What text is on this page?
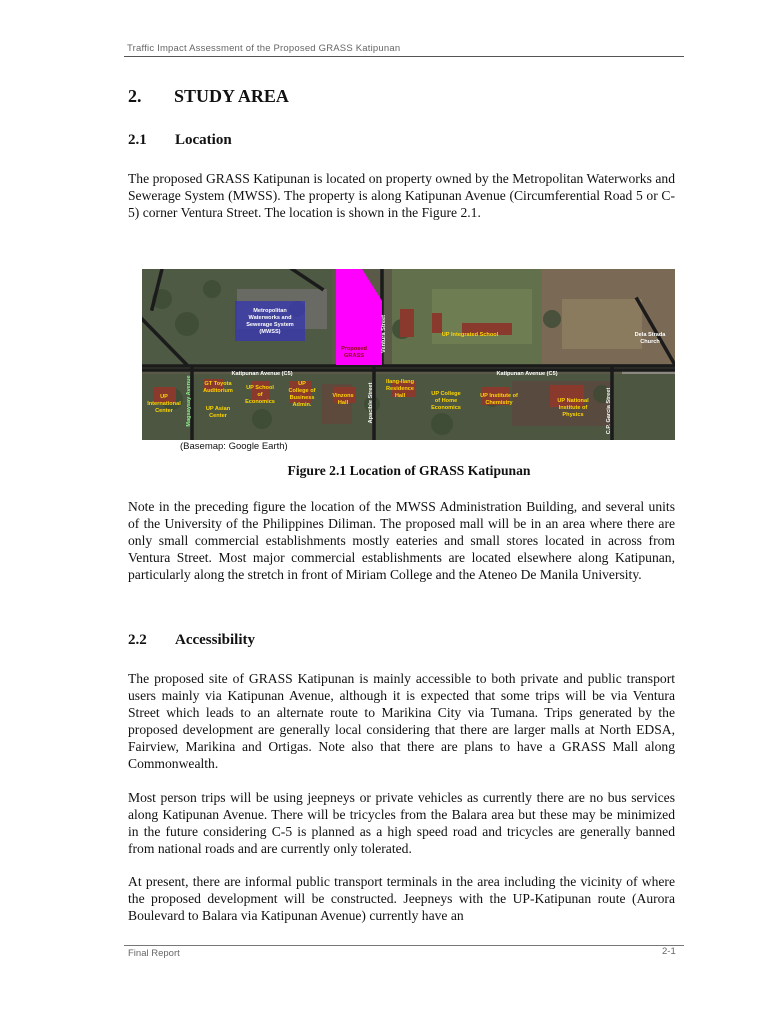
Traffic Impact Assessment of the Proposed GRASS Katipunan
2. STUDY AREA
2.1 Location

The proposed GRASS Katipunan is located on property owned by the Metropolitan Waterworks and Sewerage System (MWSS). The property is along Katipunan Avenue (Circumferential Road 5 or C-5) corner Ventura Street. The location is shown in the Figure 2.1.

Metropolitan
Waterworks and
Sewerage System
(MWSS)
Proposed
GRASS
UP Integrated School	Dela Strada
Church
Katipunan Avenue (C5)	Katipunan Avenue (C5)
UP
International
Center
GT Toyota
Auditorium
UP Asian
Center
UP School
of
Economics
UP
College of
Business
Admin.
Vinzons
Hall
Ilang-Ilang
Residence
Hall	UP College
of Home
Economics
UP Institute of
Chemistry	UP National
Institute of
Physics
Ventura Street
Magsaysay Avenue	Apacible Street	C.P. Garcia Street
(Basemap: Google Earth)
Figure 2.1 Location of GRASS Katipunan

Note in the preceding figure the location of the MWSS Administration Building, and several units of the University of the Philippines Diliman. The proposed mall will be in an area where there are only small commercial establishments mostly eateries and small stores located in across from Ventura Street. Most major commercial establishments are located elsewhere along Katipunan, particularly along the stretch in front of Miriam College and the Ateneo De Manila University.

2.2 Accessibility

The proposed site of GRASS Katipunan is mainly accessible to both private and public transport users mainly via Katipunan Avenue, although it is expected that some trips will be via Ventura Street which leads to an alternate route to Marikina City via Tumana. Trips generated by the proposed development are generally local considering that there are larger malls at North EDSA, Fairview, Marikina and Ortigas. Note also that there are plans to have a GRASS Mall along Commonwealth.

Most person trips will be using jeepneys or private vehicles as currently there are no bus services along Katipunan Avenue. There will be tricycles from the Balara area but these may be minimized in the future considering C-5 is planned as a high speed road and tricycles are generally banned from national roads and are currently only tolerated.

At present, there are informal public transport terminals in the area including the vicinity of where the proposed development will be constructed. Jeepneys with the UP-Katipunan route (Aurora Boulevard to Balara via Katipunan Avenue) currently have an

Final Report	2-1
